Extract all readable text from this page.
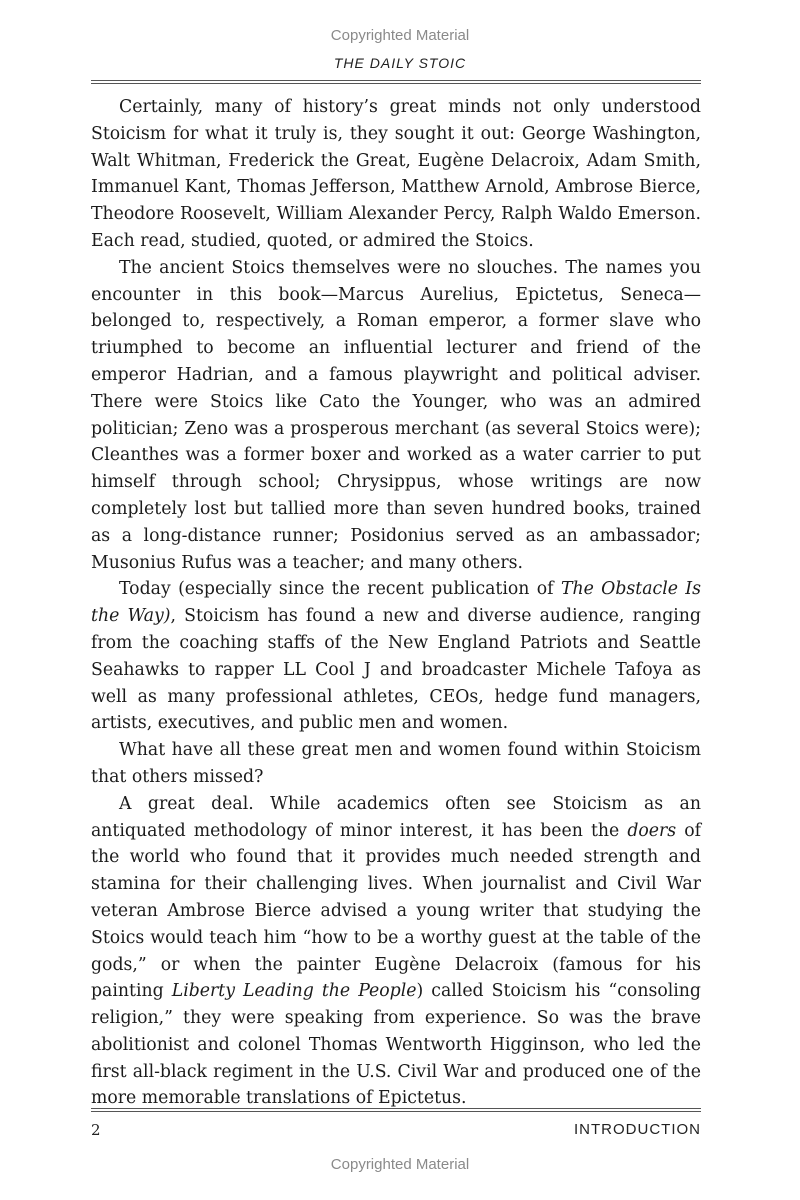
Copyrighted Material
THE DAILY STOIC

Certainly, many of history’s great minds not only understood Stoicism for what it truly is, they sought it out: George Washington, Walt Whitman, Frederick the Great, Eugène Delacroix, Adam Smith, Immanuel Kant, Thomas Jefferson, Matthew Arnold, Ambrose Bierce, Theodore Roosevelt, William Alexander Percy, Ralph Waldo Emerson. Each read, studied, quoted, or admired the Stoics.

The ancient Stoics themselves were no slouches. The names you encounter in this book—Marcus Aurelius, Epictetus, Seneca—belonged to, respectively, a Roman emperor, a former slave who triumphed to become an influential lecturer and friend of the emperor Hadrian, and a famous playwright and political adviser. There were Stoics like Cato the Younger, who was an admired politician; Zeno was a prosperous merchant (as several Stoics were); Cleanthes was a former boxer and worked as a water carrier to put himself through school; Chrysippus, whose writings are now completely lost but tallied more than seven hundred books, trained as a long-distance runner; Posidonius served as an ambassador; Musonius Rufus was a teacher; and many others.

Today (especially since the recent publication of The Obstacle Is the Way), Stoicism has found a new and diverse audience, ranging from the coaching staffs of the New England Patriots and Seattle Seahawks to rapper LL Cool J and broadcaster Michele Tafoya as well as many professional athletes, CEOs, hedge fund managers, artists, executives, and public men and women.

What have all these great men and women found within Stoicism that others missed?

A great deal. While academics often see Stoicism as an antiquated methodology of minor interest, it has been the doers of the world who found that it provides much needed strength and stamina for their challenging lives. When journalist and Civil War veteran Ambrose Bierce advised a young writer that studying the Stoics would teach him “how to be a worthy guest at the table of the gods,” or when the painter Eugène Delacroix (famous for his painting Liberty Leading the People) called Stoicism his “consoling religion,” they were speaking from experience. So was the brave abolitionist and colonel Thomas Wentworth Higginson, who led the first all-black regiment in the U.S. Civil War and produced one of the more memorable translations of Epictetus.

2	INTRODUCTION
Copyrighted Material
